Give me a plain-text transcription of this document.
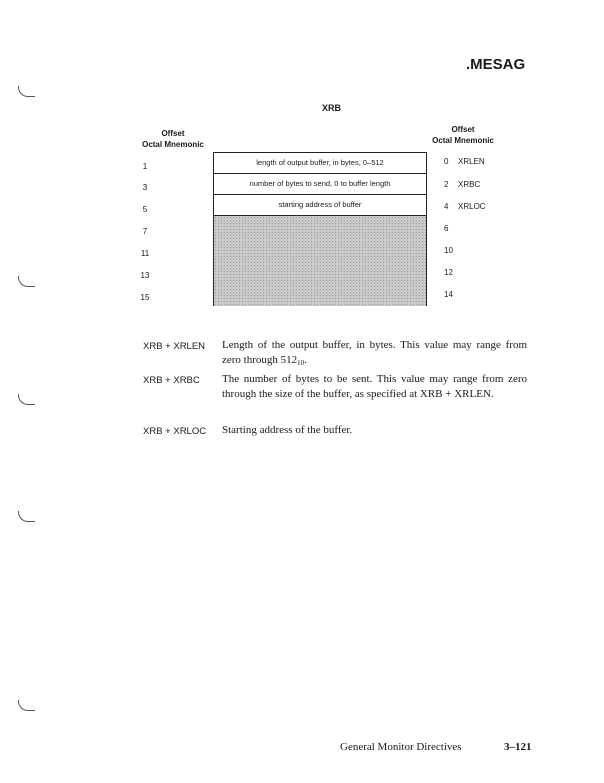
.MESAG
XRB
Offset
Octal Mnemonic
Offset
Octal Mnemonic
1
3
5
7
11
13
15
length of output buffer, in bytes, 0–512
number of bytes to send, 0 to buffer length
starting address of buffer
0 XRLEN
2 XRBC
4 XRLOC
6
10
12
14
XRB + XRLEN Length of the output buffer, in bytes. This value may range from zero through $512_{10}$.
XRB + XRBC The number of bytes to be sent. This value may range from zero through the size of the buffer, as specified at XRB + XRLEN.
XRB + XRLOC Starting address of the buffer.
General Monitor Directives	3–121
